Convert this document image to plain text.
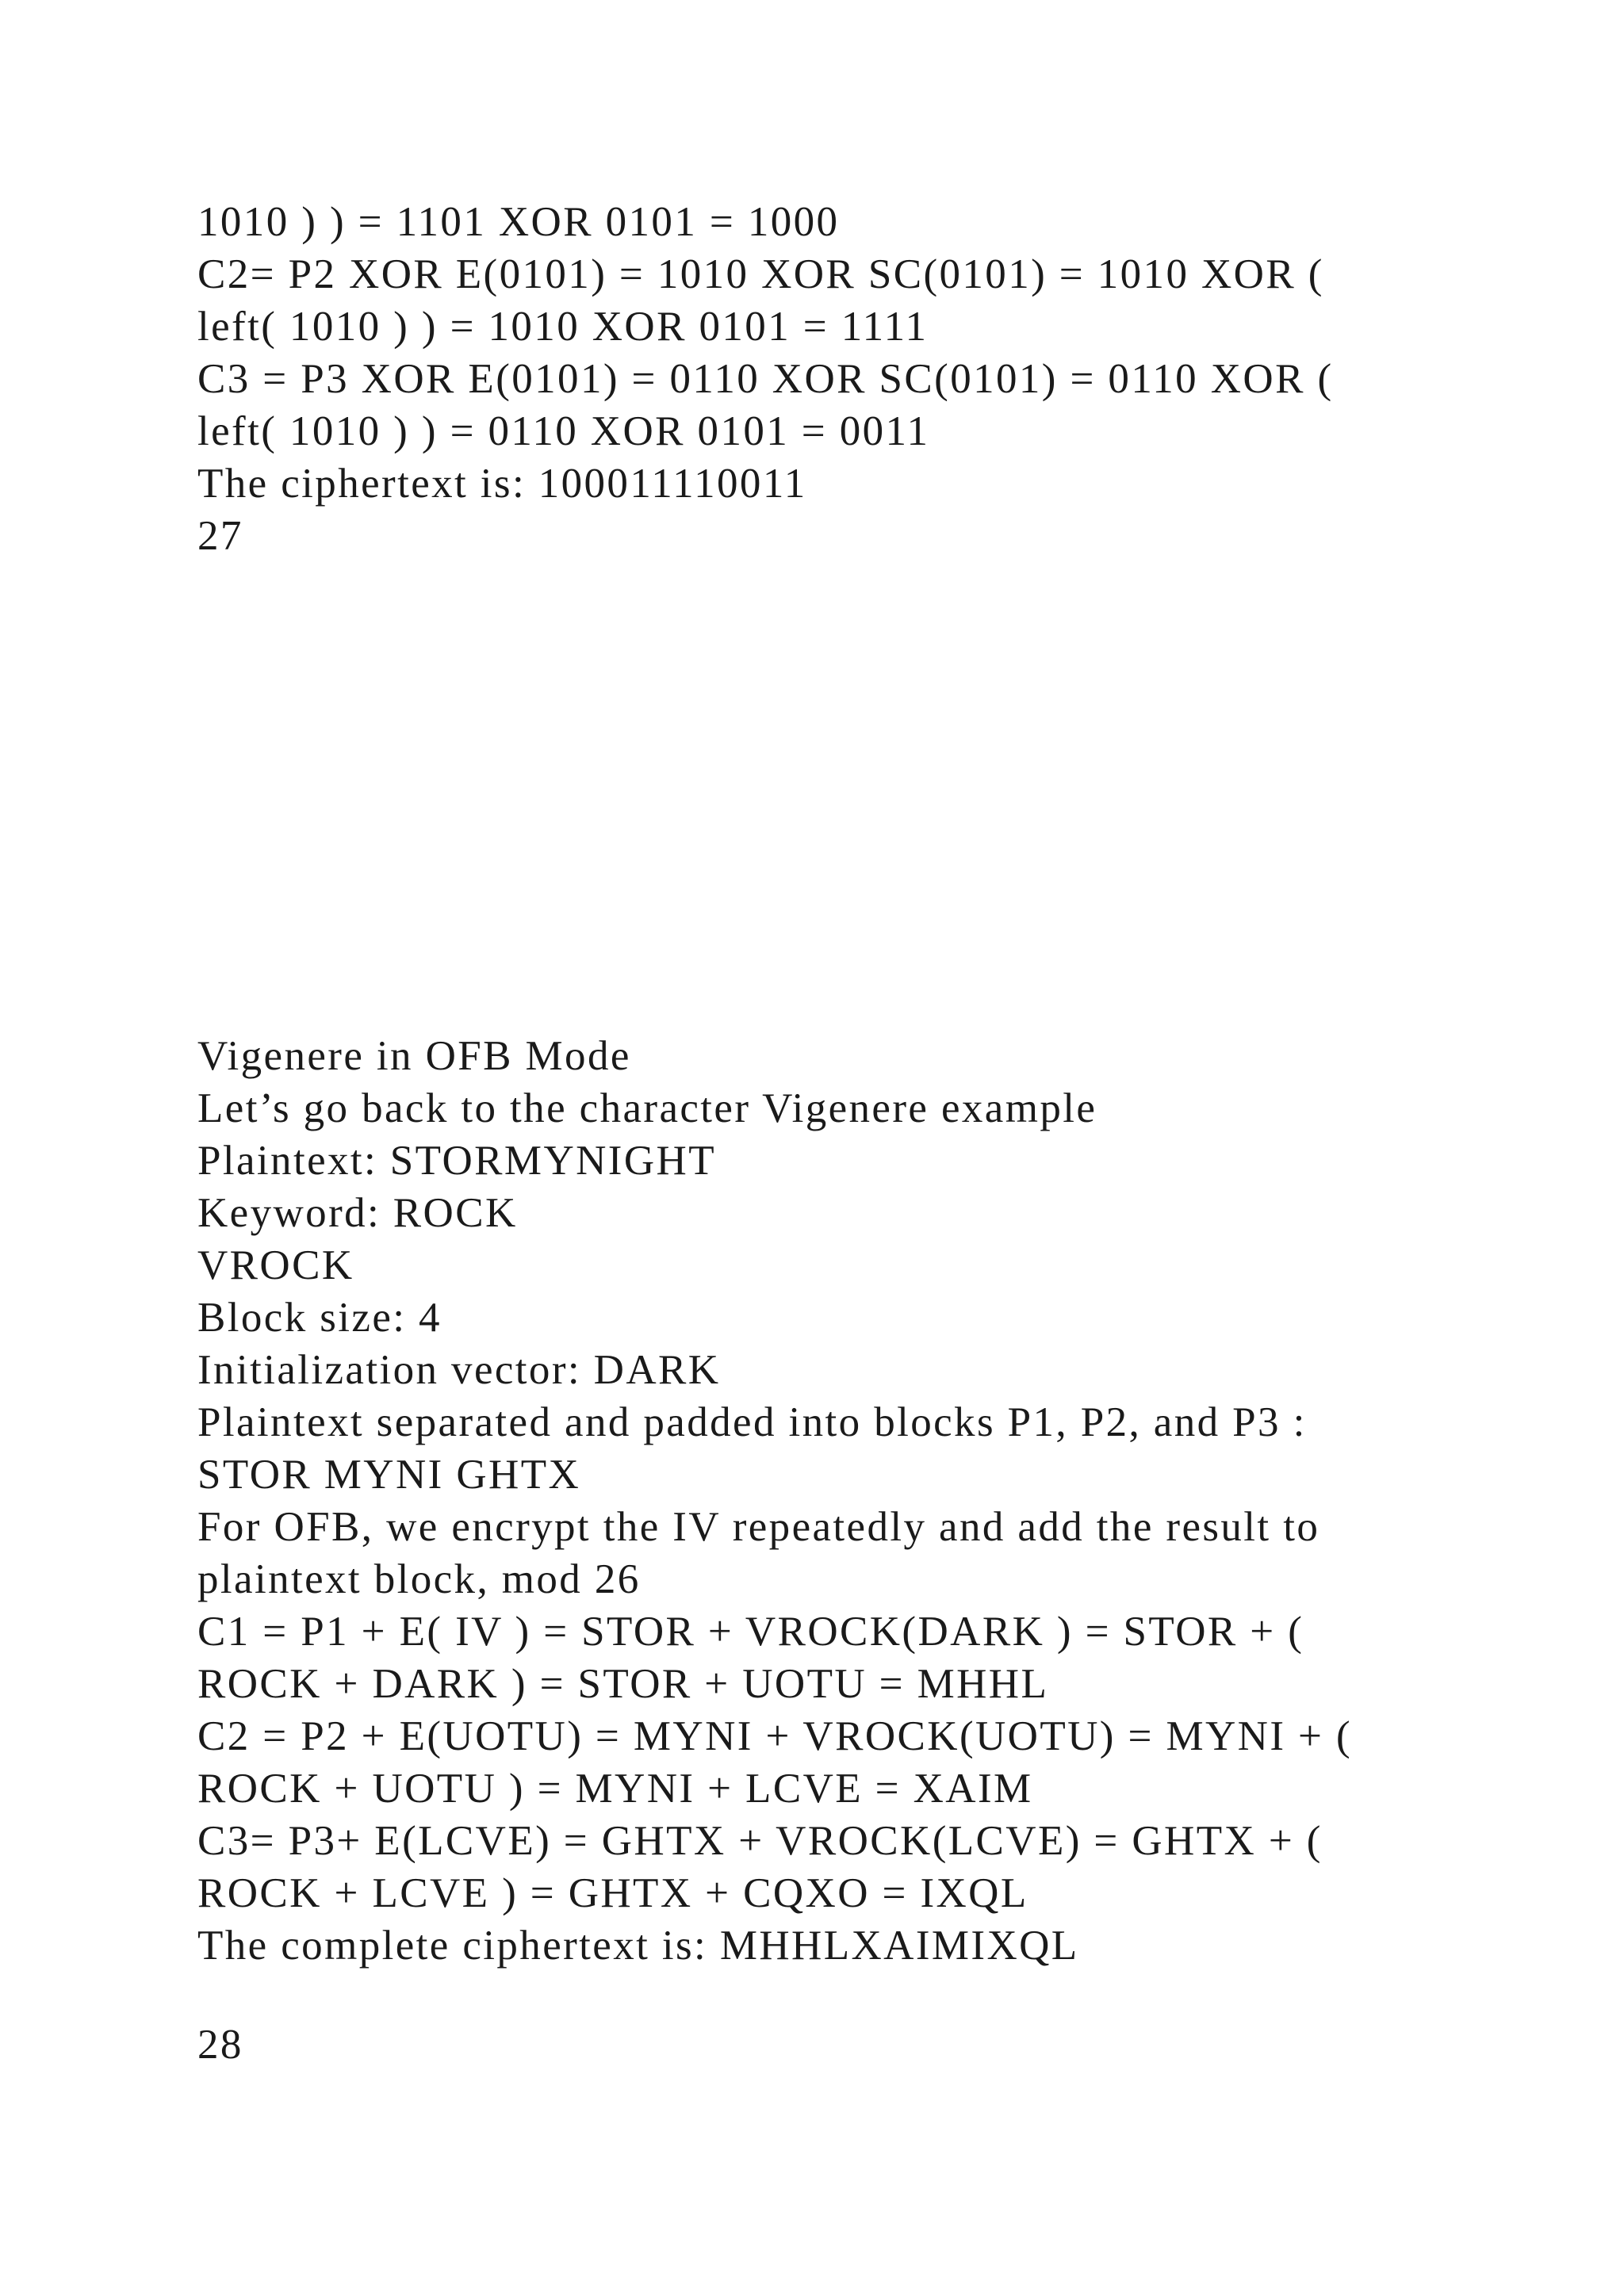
1010 ) ) = 1101 XOR 0101 = 1000
C2= P2 XOR E(0101) = 1010 XOR SC(0101) = 1010 XOR (
left( 1010 ) ) = 1010 XOR 0101 = 1111
C3 = P3 XOR E(0101) = 0110 XOR SC(0101) = 0110 XOR (
left( 1010 ) ) = 0110 XOR 0101 = 0011
The ciphertext is: 100011110011
27
Vigenere in OFB Mode
Let’s go back to the character Vigenere example
Plaintext: STORMYNIGHT
Keyword: ROCK
VROCK
Block size: 4
Initialization vector: DARK
Plaintext separated and padded into blocks P1, P2, and P3 :
STOR MYNI GHTX
For OFB, we encrypt the IV repeatedly and add the result to
plaintext block, mod 26
C1 = P1 + E( IV ) = STOR + VROCK(DARK ) = STOR + (
ROCK + DARK ) = STOR + UOTU = MHHL
C2 = P2 + E(UOTU) = MYNI + VROCK(UOTU) = MYNI + (
ROCK + UOTU ) = MYNI + LCVE = XAIM
C3= P3+ E(LCVE) = GHTX + VROCK(LCVE) = GHTX + (
ROCK + LCVE ) = GHTX + CQXO = IXQL
The complete ciphertext is: MHHLXAIMIXQL
28
